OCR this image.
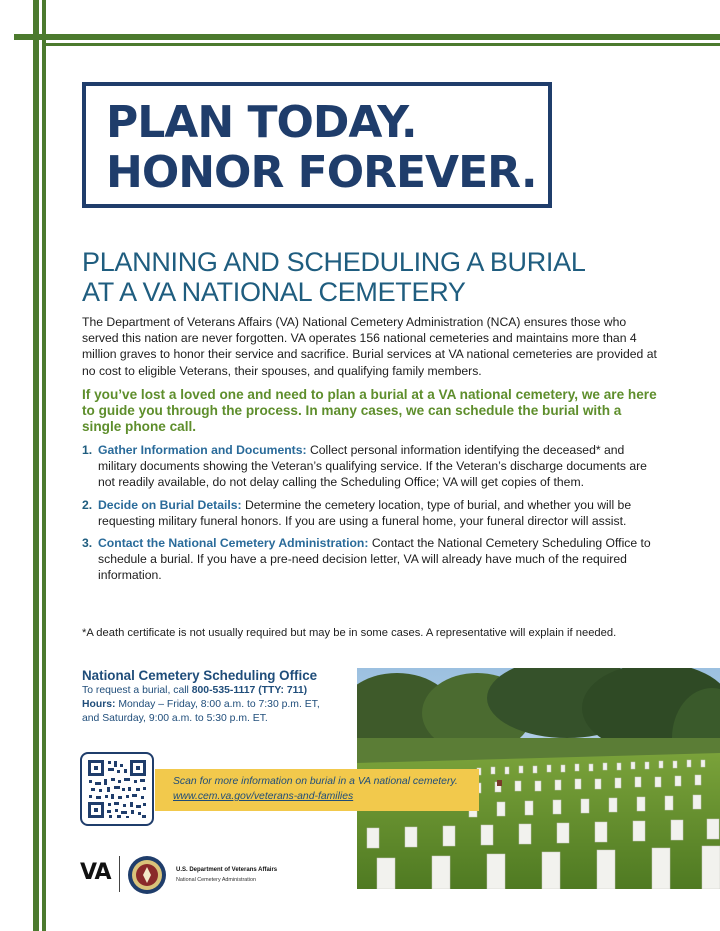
PLAN TODAY.
HONOR FOREVER.
PLANNING AND SCHEDULING A BURIAL
AT A VA NATIONAL CEMETERY
The Department of Veterans Affairs (VA) National Cemetery Administration (NCA) ensures those who served this nation are never forgotten. VA operates 156 national cemeteries and maintains more than 4 million graves to honor their service and sacrifice. Burial services at VA national cemeteries are provided at no cost to eligible Veterans, their spouses, and qualifying family members.
If you’ve lost a loved one and need to plan a burial at a VA national cemetery, we are here to guide you through the process. In many cases, we can schedule the burial with a single phone call.
1. Gather Information and Documents: Collect personal information identifying the deceased* and military documents showing the Veteran’s qualifying service. If the Veteran’s discharge documents are not readily available, do not delay calling the Scheduling Office; VA will get copies of them.
2. Decide on Burial Details: Determine the cemetery location, type of burial, and whether you will be requesting military funeral honors. If you are using a funeral home, your funeral director will assist.
3. Contact the National Cemetery Administration: Contact the National Cemetery Scheduling Office to schedule a burial. If you have a pre-need decision letter, VA will already have much of the required information.
*A death certificate is not usually required but may be in some cases. A representative will explain if needed.
National Cemetery Scheduling Office
To request a burial, call 800-535-1117 (TTY: 711)
Hours: Monday – Friday, 8:00 a.m. to 7:30 p.m. ET,
and Saturday, 9:00 a.m. to 5:30 p.m. ET.
Scan for more information on burial in a VA national cemetery.
www.cem.va.gov/veterans-and-families
VA	U.S. Department of Veterans Affairs
National Cemetery Administration
